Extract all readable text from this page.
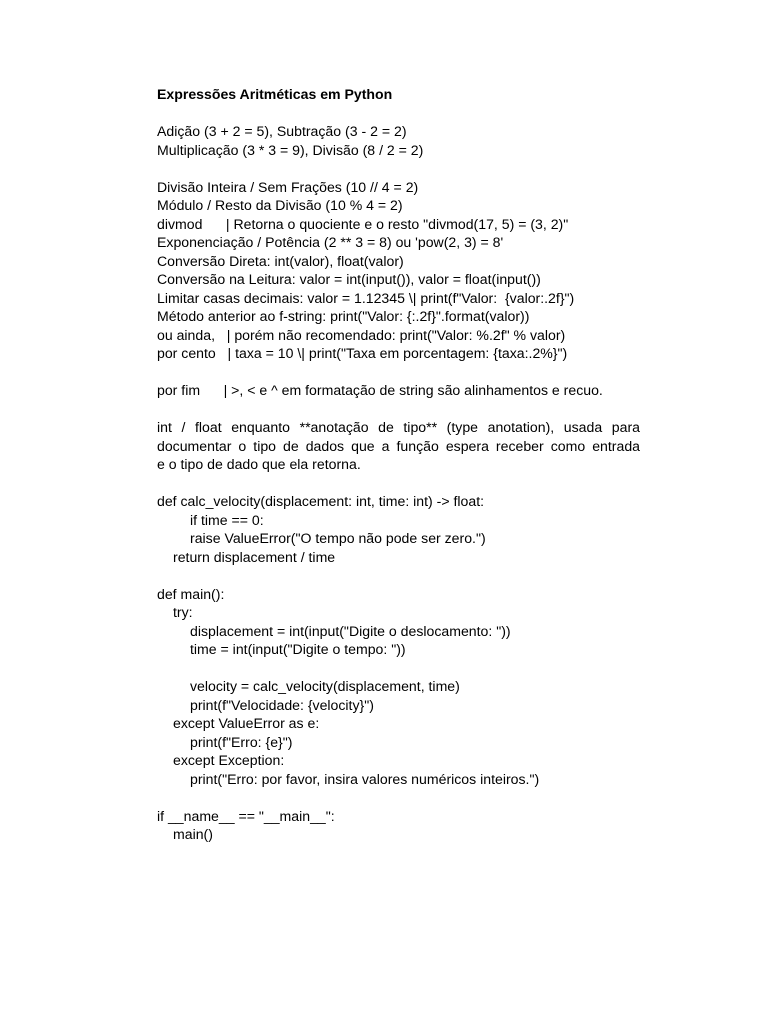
Expressões Aritméticas em Python
Adição (3 + 2 = 5), Subtração (3 - 2 = 2)
Multiplicação (3 * 3 = 9), Divisão (8 / 2 = 2)
Divisão Inteira / Sem Frações (10 // 4 = 2)
Módulo / Resto da Divisão (10 % 4 = 2)
divmod      | Retorna o quociente e o resto "divmod(17, 5) = (3, 2)"
Exponenciação / Potência (2 ** 3 = 8) ou 'pow(2, 3) = 8'
Conversão Direta: int(valor), float(valor)
Conversão na Leitura: valor = int(input()), valor = float(input())
Limitar casas decimais: valor = 1.12345 \| print(f"Valor:  {valor:.2f}")
Método anterior ao f-string: print("Valor: {:.2f}".format(valor))
ou ainda,   | porém não recomendado: print("Valor: %.2f" % valor)
por cento   | taxa = 10 \| print("Taxa em porcentagem: {taxa:.2%}")
por fim      | >, < e ^ em formatação de string são alinhamentos e recuo.
int / float enquanto **anotação de tipo** (type anotation), usada para
documentar o tipo de dados que a função espera receber como entrada
e o tipo de dado que ela retorna.
def calc_velocity(displacement: int, time: int) -> float:
if time == 0:
raise ValueError("O tempo não pode ser zero.")
return displacement / time
def main():
try:
displacement = int(input("Digite o deslocamento: "))
time = int(input("Digite o tempo: "))
velocity = calc_velocity(displacement, time)
print(f"Velocidade: {velocity}")
except ValueError as e:
print(f"Erro: {e}")
except Exception:
print("Erro: por favor, insira valores numéricos inteiros.")
if __name__ == "__main__":
main()
